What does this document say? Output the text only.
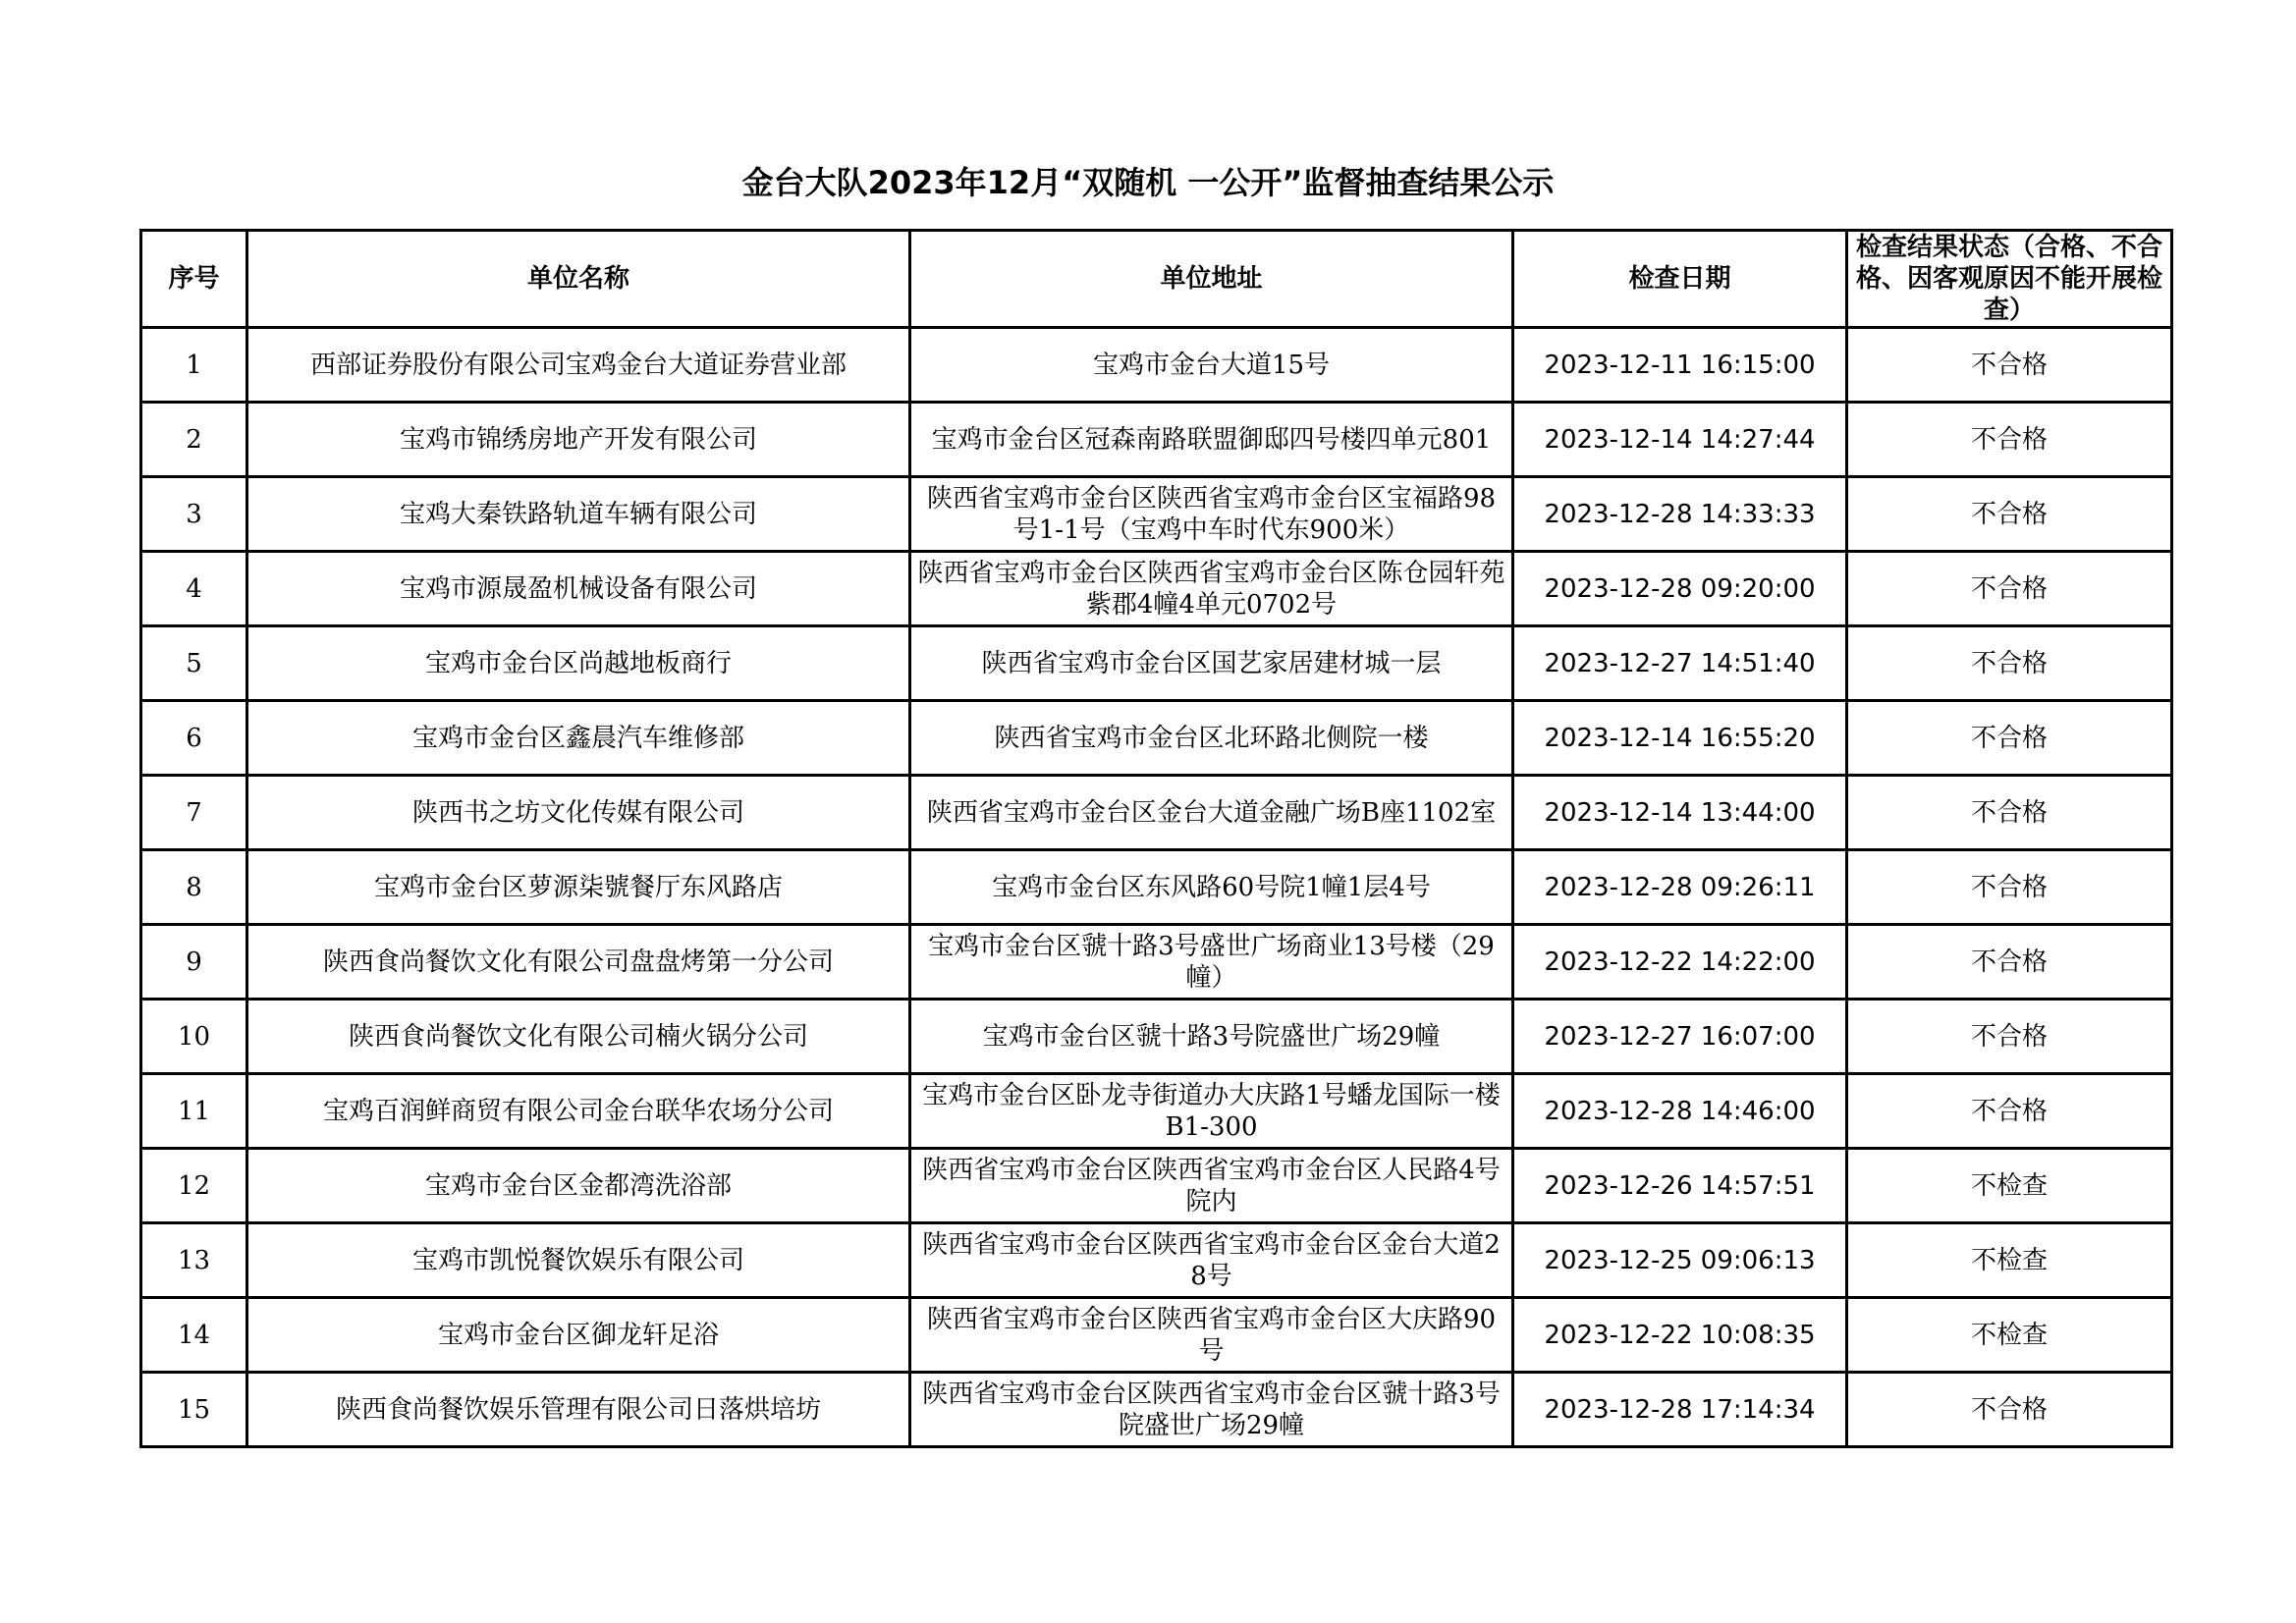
金台大队2023年12月“双随机 一公开”监督抽查结果公示
序号	单位名称	单位地址	检查日期	检查结果状态（合格、不合格、因客观原因不能开展检查）
1	西部证券股份有限公司宝鸡金台大道证券营业部	宝鸡市金台大道15号	2023-12-11 16:15:00	不合格
2	宝鸡市锦绣房地产开发有限公司	宝鸡市金台区冠森南路联盟御邸四号楼四单元801	2023-12-14 14:27:44	不合格
3	宝鸡大秦铁路轨道车辆有限公司	陕西省宝鸡市金台区陕西省宝鸡市金台区宝福路98号1-1号（宝鸡中车时代东900米）	2023-12-28 14:33:33	不合格
4	宝鸡市源晟盈机械设备有限公司	陕西省宝鸡市金台区陕西省宝鸡市金台区陈仓园轩苑紫郡4幢4单元0702号	2023-12-28 09:20:00	不合格
5	宝鸡市金台区尚越地板商行	陕西省宝鸡市金台区国艺家居建材城一层	2023-12-27 14:51:40	不合格
6	宝鸡市金台区鑫晨汽车维修部	陕西省宝鸡市金台区北环路北侧院一楼	2023-12-14 16:55:20	不合格
7	陕西书之坊文化传媒有限公司	陕西省宝鸡市金台区金台大道金融广场B座1102室	2023-12-14 13:44:00	不合格
8	宝鸡市金台区萝源柒號餐厅东风路店	宝鸡市金台区东风路60号院1幢1层4号	2023-12-28 09:26:11	不合格
9	陕西食尚餐饮文化有限公司盘盘烤第一分公司	宝鸡市金台区虢十路3号盛世广场商业13号楼（29幢）	2023-12-22 14:22:00	不合格
10	陕西食尚餐饮文化有限公司楠火锅分公司	宝鸡市金台区虢十路3号院盛世广场29幢	2023-12-27 16:07:00	不合格
11	宝鸡百润鲜商贸有限公司金台联华农场分公司	宝鸡市金台区卧龙寺街道办大庆路1号蟠龙国际一楼B1-300	2023-12-28 14:46:00	不合格
12	宝鸡市金台区金都湾洗浴部	陕西省宝鸡市金台区陕西省宝鸡市金台区人民路4号院内	2023-12-26 14:57:51	不检查
13	宝鸡市凯悦餐饮娱乐有限公司	陕西省宝鸡市金台区陕西省宝鸡市金台区金台大道28号	2023-12-25 09:06:13	不检查
14	宝鸡市金台区御龙轩足浴	陕西省宝鸡市金台区陕西省宝鸡市金台区大庆路90号	2023-12-22 10:08:35	不检查
15	陕西食尚餐饮娱乐管理有限公司日落烘培坊	陕西省宝鸡市金台区陕西省宝鸡市金台区虢十路3号院盛世广场29幢	2023-12-28 17:14:34	不合格
